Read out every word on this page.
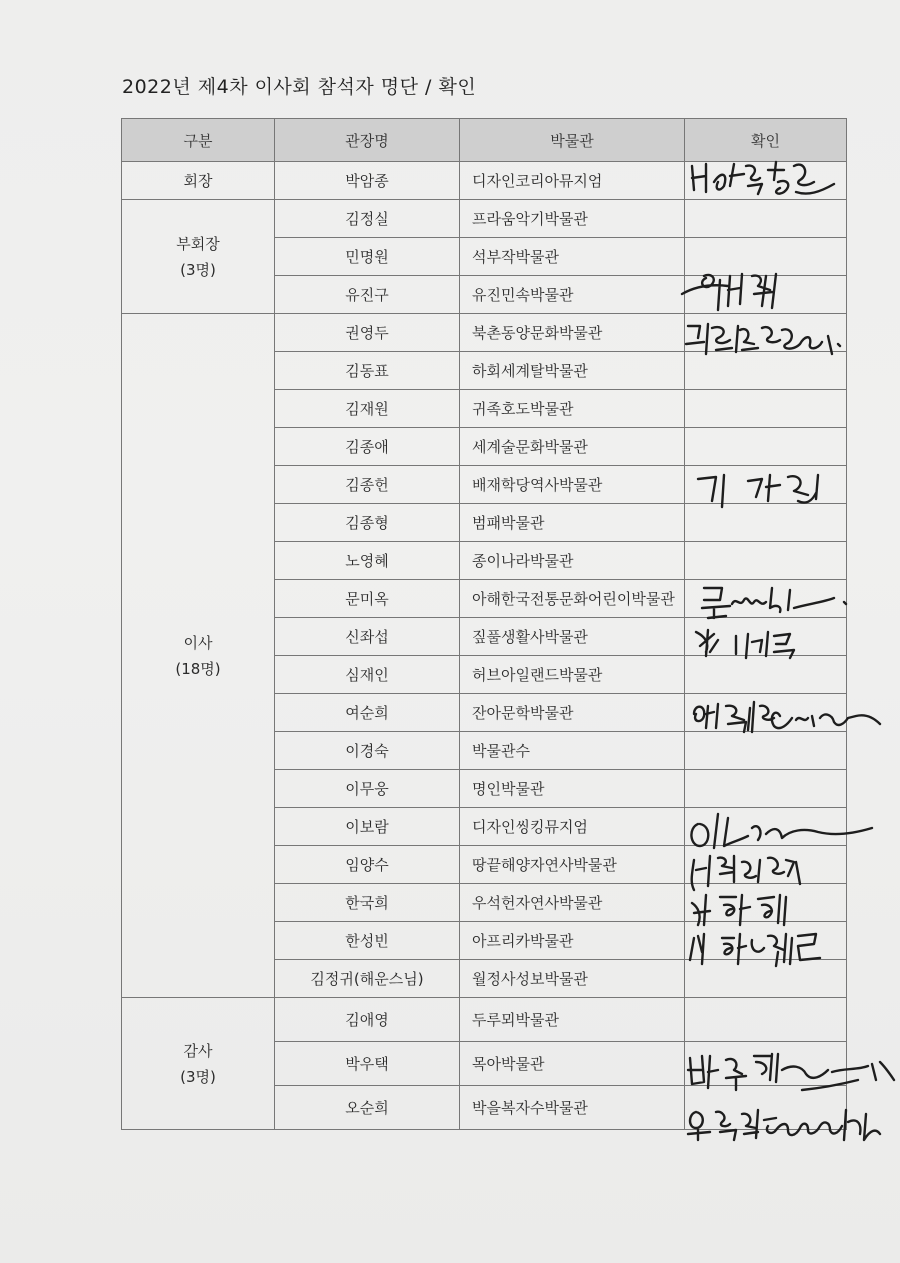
2022년 제4차 이사회 참석자 명단 / 확인
구분	관장명	박물관	확인
회장	박암종	디자인코리아뮤지엄	
부회장
(3명)	김정실	프라움악기박물관	
	민명원	석부작박물관	
	유진구	유진민속박물관	
이사
(18명)	권영두	북촌동양문화박물관	
	김동표	하회세계탈박물관	
	김재원	귀족호도박물관	
	김종애	세계술문화박물관	
	김종헌	배재학당역사박물관	
	김종형	범패박물관	
	노영혜	종이나라박물관	
	문미옥	아해한국전통문화어린이박물관	
	신좌섭	짚풀생활사박물관	
	심재인	허브아일랜드박물관	
	여순희	잔아문학박물관	
	이경숙	박물관수	
	이무웅	명인박물관	
	이보람	디자인씽킹뮤지엄	
	임양수	땅끝해양자연사박물관	
	한국희	우석헌자연사박물관	
	한성빈	아프리카박물관	
	김정귀(해운스님)	월정사성보박물관	
감사
(3명)	김애영	두루뫼박물관	
	박우택	목아박물관	
	오순희	박을복자수박물관	
